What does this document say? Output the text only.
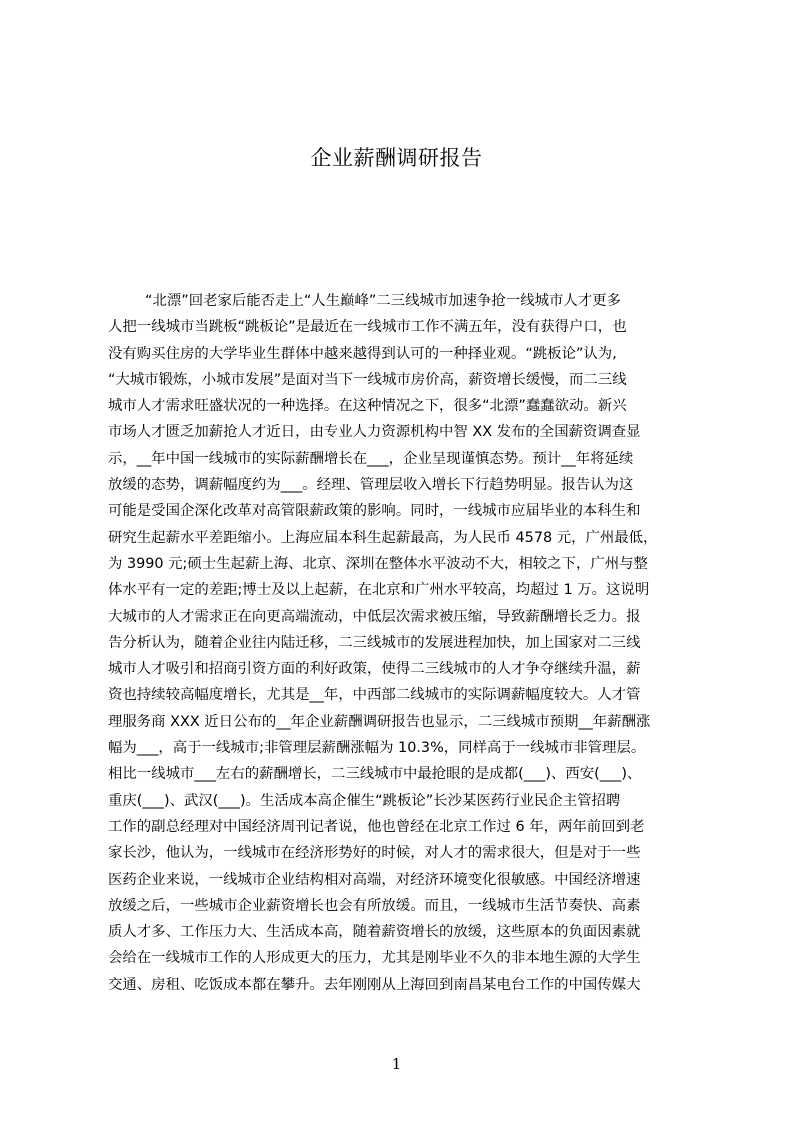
企业薪酬调研报告
“北漂”回老家后能否走上“人生巅峰”二三线城市加速争抢一线城市人才更多
人把一线城市当跳板“跳板论”是最近在一线城市工作不满五年，没有获得户口，也
没有购买住房的大学毕业生群体中越来越得到认可的一种择业观。“跳板论”认为,
“大城市锻炼，小城市发展”是面对当下一线城市房价高，薪资增长缓慢，而二三线
城市人才需求旺盛状况的一种选择。在这种情况之下，很多“北漂”蠢蠢欲动。新兴
市场人才匮乏加薪抢人才近日，由专业人力资源机构中智 XX 发布的全国薪资调查显
示，__年中国一线城市的实际薪酬增长在___，企业呈现谨慎态势。预计__年将延续
放缓的态势，调薪幅度约为___。经理、管理层收入增长下行趋势明显。报告认为这
可能是受国企深化改革对高管限薪政策的影响。同时，一线城市应届毕业的本科生和
研究生起薪水平差距缩小。上海应届本科生起薪最高，为人民币 4578 元，广州最低，
为 3990 元;硕士生起薪上海、北京、深圳在整体水平波动不大，相较之下，广州与整
体水平有一定的差距;博士及以上起薪，在北京和广州水平较高，均超过 1 万。这说明
大城市的人才需求正在向更高端流动，中低层次需求被压缩，导致薪酬增长乏力。报
告分析认为，随着企业往内陆迁移，二三线城市的发展进程加快，加上国家对二三线
城市人才吸引和招商引资方面的利好政策，使得二三线城市的人才争夺继续升温，薪
资也持续较高幅度增长，尤其是__年，中西部二线城市的实际调薪幅度较大。人才管
理服务商 XXX 近日公布的__年企业薪酬调研报告也显示，二三线城市预期__年薪酬涨
幅为___，高于一线城市;非管理层薪酬涨幅为 10.3%，同样高于一线城市非管理层。
相比一线城市___左右的薪酬增长，二三线城市中最抢眼的是成都(___)、西安(___)、
重庆(___)、武汉(___)。生活成本高企催生“跳板论”长沙某医药行业民企主管招聘
工作的副总经理对中国经济周刊记者说，他也曾经在北京工作过 6 年，两年前回到老
家长沙，他认为，一线城市在经济形势好的时候，对人才的需求很大，但是对于一些
医药企业来说，一线城市企业结构相对高端，对经济环境变化很敏感。中国经济增速
放缓之后，一些城市企业薪资增长也会有所放缓。而且，一线城市生活节奏快、高素
质人才多、工作压力大、生活成本高，随着薪资增长的放缓，这些原本的负面因素就
会给在一线城市工作的人形成更大的压力，尤其是刚毕业不久的非本地生源的大学生
交通、房租、吃饭成本都在攀升。去年刚刚从上海回到南昌某电台工作的中国传媒大
1
